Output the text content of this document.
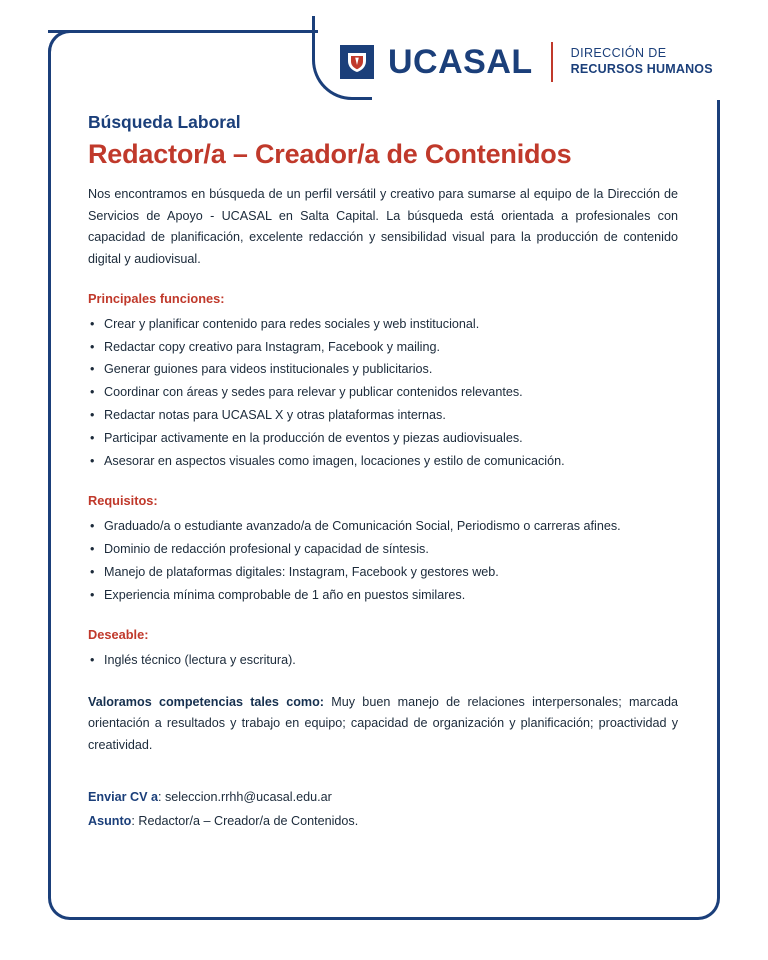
UCASAL	DIRECCIÓN DE
RECURSOS HUMANOS
Búsqueda Laboral
Redactor/a – Creador/a de Contenidos
Nos encontramos en búsqueda de un perfil versátil y creativo para sumarse al equipo de la Dirección de Servicios de Apoyo - UCASAL en Salta Capital. La búsqueda está orientada a profesionales con capacidad de planificación, excelente redacción y sensibilidad visual para la producción de contenido digital y audiovisual.
Principales funciones:
• Crear y planificar contenido para redes sociales y web institucional.
• Redactar copy creativo para Instagram, Facebook y mailing.
• Generar guiones para videos institucionales y publicitarios.
• Coordinar con áreas y sedes para relevar y publicar contenidos relevantes.
• Redactar notas para UCASAL X y otras plataformas internas.
• Participar activamente en la producción de eventos y piezas audiovisuales.
• Asesorar en aspectos visuales como imagen, locaciones y estilo de comunicación.
Requisitos:
• Graduado/a o estudiante avanzado/a de Comunicación Social, Periodismo o carreras afines.
• Dominio de redacción profesional y capacidad de síntesis.
• Manejo de plataformas digitales: Instagram, Facebook y gestores web.
• Experiencia mínima comprobable de 1 año en puestos similares.
Deseable:
• Inglés técnico (lectura y escritura).
Valoramos competencias tales como: Muy buen manejo de relaciones interpersonales; marcada orientación a resultados y trabajo en equipo; capacidad de organización y planificación; proactividad y creatividad.
Enviar CV a: seleccion.rrhh@ucasal.edu.ar
Asunto: Redactor/a – Creador/a de Contenidos.
